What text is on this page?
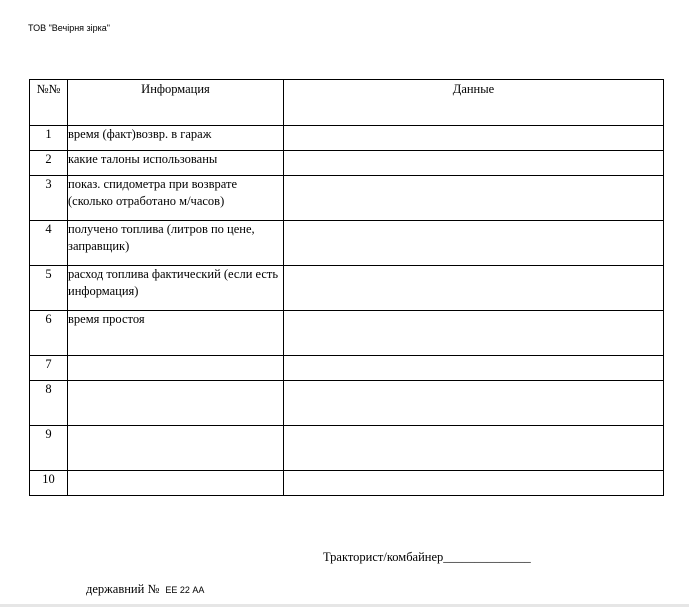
ТОВ "Вечірня зірка"
№№	Информация	Данные
1	время (факт)возвр. в гараж	
2	какие талоны использованы	
3	показ. спидометра при возврате (сколько отработано м/часов)	
4	получено топлива (литров по цене, заправщик)	
5	расход топлива фактический (если есть информация)	
6	время простоя	
7		
8		
9		
10		
Тракторист/комбайнер______________
державний № ЕЕ 22 АА
